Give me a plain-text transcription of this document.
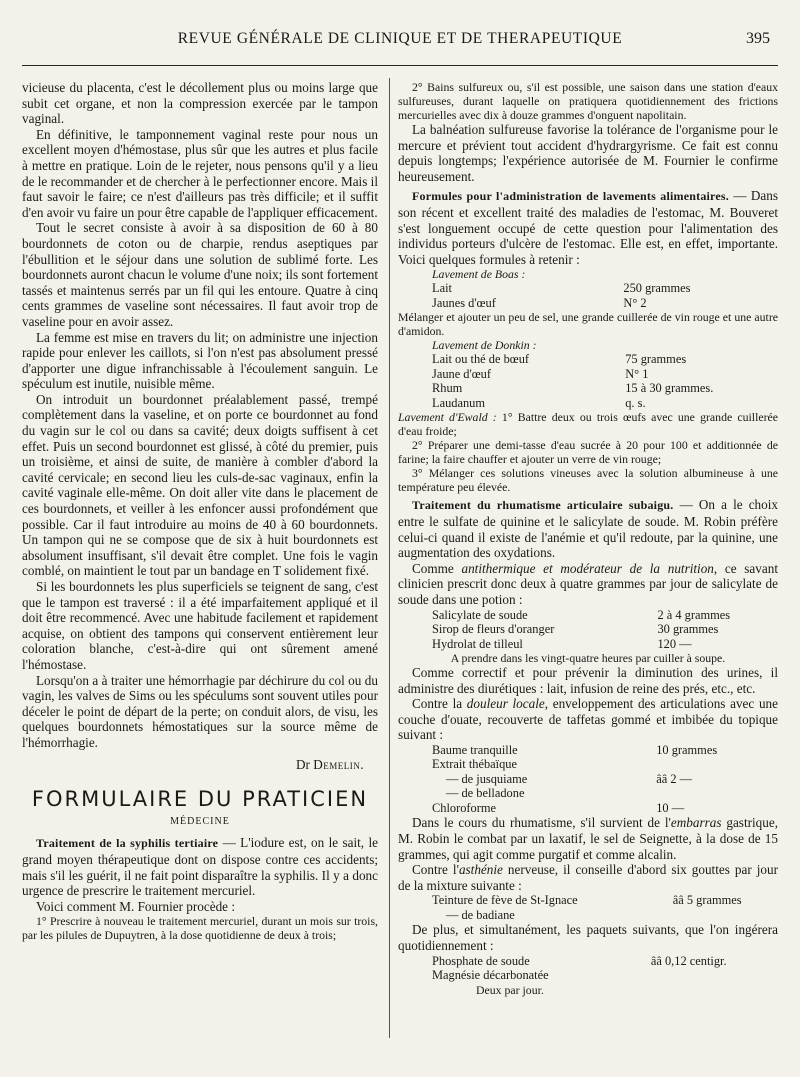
REVUE GÉNÉRALE DE CLINIQUE ET DE THERAPEUTIQUE	395

vicieuse du placenta, c'est le décollement plus ou moins large que subit cet organe, et non la compression exercée par le tampon vaginal.

En définitive, le tamponnement vaginal reste pour nous un excellent moyen d'hémostase, plus sûr que les autres et plus facile à mettre en pratique. Loin de le rejeter, nous pensons qu'il y a lieu de le recommander et de chercher à le perfectionner encore. Mais il faut savoir le faire; ce n'est d'ailleurs pas très difficile; et il suffit d'en avoir vu faire un pour être capable de l'appliquer efficacement.

Tout le secret consiste à avoir à sa disposition de 60 à 80 bourdonnets de coton ou de charpie, rendus aseptiques par l'ébullition et le séjour dans une solution de sublimé forte. Les bourdonnets auront chacun le volume d'une noix; ils sont fortement tassés et maintenus serrés par un fil qui les entoure. Quatre à cinq cents grammes de vaseline sont nécessaires. Il faut avoir trop de vaseline pour en avoir assez.

La femme est mise en travers du lit; on administre une injection rapide pour enlever les caillots, si l'on n'est pas absolument pressé d'apporter une digue infranchissable à l'écoulement sanguin. Le spéculum est inutile, nuisible même.

On introduit un bourdonnet préalablement passé, trempé complètement dans la vaseline, et on porte ce bourdonnet au fond du vagin sur le col ou dans sa cavité; deux doigts suffisent à cet effet. Puis un second bourdonnet est glissé, à côté du premier, puis un troisième, et ainsi de suite, de manière à combler d'abord la cavité cervicale; en second lieu les culs-de-sac vaginaux, enfin la cavité vaginale elle-même. On doit aller vite dans le placement de ces bourdonnets, et veiller à les enfoncer aussi profondément que possible. Car il faut introduire au moins de 40 à 60 bourdonnets. Un tampon qui ne se compose que de six à huit bourdonnets est absolument insuffisant, s'il devait être complet. Une fois le vagin comblé, on maintient le tout par un bandage en T solidement fixé.

Si les bourdonnets les plus superficiels se teignent de sang, c'est que le tampon est traversé : il a été imparfaitement appliqué et il doit être recommencé. Avec une habitude facilement et rapidement acquise, on obtient des tampons qui conservent entièrement leur coloration blanche, c'est-à-dire qui ont sûrement amené l'hémostase.

Lorsqu'on a à traiter une hémorrhagie par déchirure du col ou du vagin, les valves de Sims ou les spéculums sont souvent utiles pour déceler le point de départ de la perte; on conduit alors, de visu, les quelques bourdonnets hémostatiques sur la source même de l'hémorrhagie.

Dr Demelin.
FORMULAIRE DU PRATICIEN
MÉDECINE

Traitement de la syphilis tertiaire — L'iodure est, on le sait, le grand moyen thérapeutique dont on dispose contre ces accidents; mais s'il les guérit, il ne fait point disparaître la syphilis. Il y a donc urgence de prescrire le traitement mercuriel.

Voici comment M. Fournier procède :

1° Prescrire à nouveau le traitement mercuriel, durant un mois sur trois, par les pilules de Dupuytren, à la dose quotidienne de deux à trois;

2° Bains sulfureux ou, s'il est possible, une saison dans une station d'eaux sulfureuses, durant laquelle on pratiquera quotidiennement des frictions mercurielles avec dix à douze grammes d'onguent napolitain.

La balnéation sulfureuse favorise la tolérance de l'organisme pour le mercure et prévient tout accident d'hydrargyrisme. Ce fait est connu depuis longtemps; l'expérience autorisée de M. Fournier le confirme heureusement.

Formules pour l'administration de lavements alimentaires. — Dans son récent et excellent traité des maladies de l'estomac, M. Bouveret s'est longuement occupé de cette question pour l'alimentation des individus porteurs d'ulcère de l'estomac. Elle est, en effet, importante. Voici quelques formules à retenir :

Lavement de Boas :
Lait	250 grammes
Jaunes d'œuf	N° 2

Mélanger et ajouter un peu de sel, une grande cuillerée de vin rouge et une autre d'amidon.

Lavement de Donkin :
Lait ou thé de bœuf	75 grammes
Jaune d'œuf	N° 1
Rhum	15 à 30 grammes.
Laudanum	q. s.

Lavement d'Ewald : 1° Battre deux ou trois œufs avec une grande cuillerée d'eau froide;

2° Préparer une demi-tasse d'eau sucrée à 20 pour 100 et additionnée de farine; la faire chauffer et ajouter un verre de vin rouge;

3° Mélanger ces solutions vineuses avec la solution albumineuse à une température peu élevée.

Traitement du rhumatisme articulaire subaigu. — On a le choix entre le sulfate de quinine et le salicylate de soude. M. Robin préfère celui-ci quand il existe de l'anémie et qu'il redoute, par la quinine, une augmentation des oxydations.

Comme antithermique et modérateur de la nutrition, ce savant clinicien prescrit donc deux à quatre grammes par jour de salicylate de soude dans une potion :

Salicylate de soude	2 à 4 grammes
Sirop de fleurs d'oranger	30 grammes
Hydrolat de tilleul	120 —

A prendre dans les vingt-quatre heures par cuiller à soupe.

Comme correctif et pour prévenir la diminution des urines, il administre des diurétiques : lait, infusion de reine des prés, etc., etc.

Contre la douleur locale, enveloppement des articulations avec une couche d'ouate, recouverte de taffetas gommé et imbibée du topique suivant :

Baume tranquille	10 grammes
Extrait thébaïque	
— de jusquiame	ââ 2 —
— de belladone	
Chloroforme	10 —

Dans le cours du rhumatisme, s'il survient de l'embarras gastrique, M. Robin le combat par un laxatif, le sel de Seignette, à la dose de 15 grammes, qui agit comme purgatif et comme alcalin.

Contre l'asthénie nerveuse, il conseille d'abord six gouttes par jour de la mixture suivante :

Teinture de fève de St-Ignace	ââ 5 grammes
— de badiane	

De plus, et simultanément, les paquets suivants, que l'on ingérera quotidiennement :

Phosphate de soude	ââ 0,12 centigr.
Magnésie décarbonatée	

Deux par jour.
